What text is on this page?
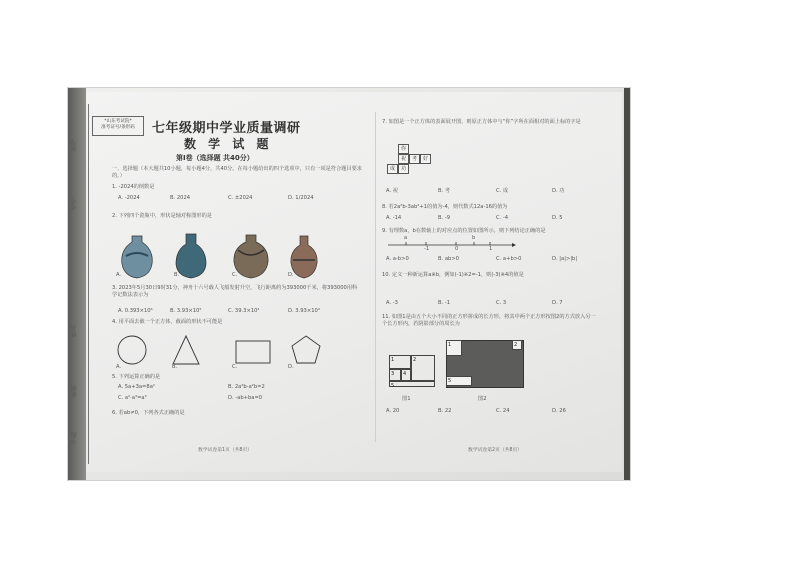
学校
姓名
考号
班级
座号
*山东考试院*
准考证号/条形码	七年级期中学业质量调研
数 学 试 题
第Ⅰ卷（选择题 共40分）
一、选择题（本大题共10小题，每小题4分，共40分。在每小题给出的四个选项中，只有一项是符合题目要求的。）
1. -2024的倒数是
A. -2024	B. 2024	C. ±2024	D. 1/2024
2. 下列四个瓷瓶中，形状是轴对称图形的是
A.	B.	C.	D.
3. 2023年5月30日9时31分，神舟十六号载人飞船发射升空，飞行距离约为393000千米，将393000用科学记数法表示为
A. 0.393×10⁶	B. 3.93×10⁵	C. 39.3×10⁴	D. 3.93×10⁴
4. 用平面去截一个正方体，截面的形状不可能是
A.	B.	C.	D.
5. 下列运算正确的是
A. 5a+3a=8a²	B. 2a²b-a²b=2
C. a²·a³=a⁵	D. -ab+ba=0
6. 若ab≠0，下列各式正确的是
数学试卷第1页（共8页）
7. 如图是一个正方体的表面展开图，则原正方体中与“你”字所在面相对的面上标的字是
你
祝	考	好
成	功
A. 祝	B. 考	C. 成	D. 功
8. 若2a²b-3ab²+1的值为-4，则代数式12a-16的值为
A. -14	B. -9	C. -4	D. 5
9. 有理数a，b在数轴上的对应点的位置如图所示，则下列结论正确的是
a
-1	0
b
1
A. a-b>0	B. ab>0	C. a+b>0	D. |a|>|b|
10. 定义一种新运算a※b，例如(-1)※2=-1，则(-3)※4的值是
A. -3	B. -1	C. 3	D. 7
11. 如图1是由五个大小不同的正方形拼成的长方形，将其中两个正方形按图2的方式放入另一个长方形内，若阴影部分的周长为
1	2
3	4
5
图1
1
5
2
图2
A. 20	B. 22	C. 24	D. 26
数学试卷第2页（共8页）
